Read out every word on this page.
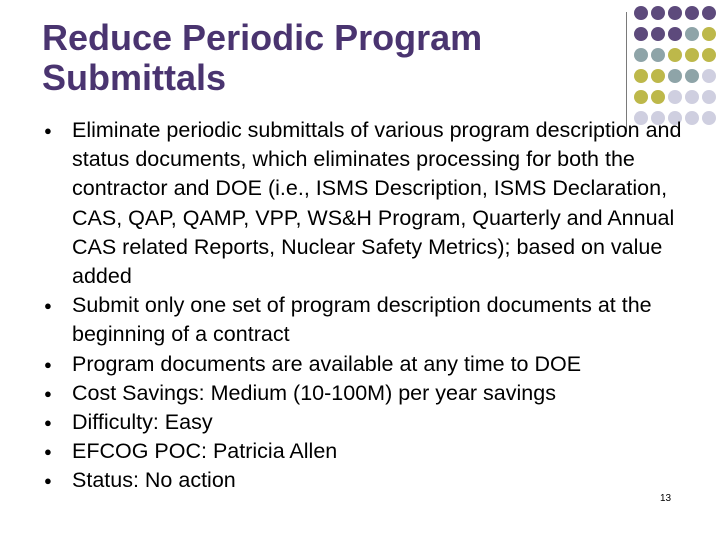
Reduce Periodic Program Submittals
● Eliminate periodic submittals of various program description and status documents, which eliminates processing for both the contractor and DOE (i.e., ISMS Description, ISMS Declaration, CAS, QAP, QAMP, VPP, WS&H Program, Quarterly and Annual CAS related Reports, Nuclear Safety Metrics); based on value added
● Submit only one set of program description documents at the beginning of a contract
● Program documents are available at any time to DOE
● Cost Savings: Medium (10-100M) per year savings
● Difficulty: Easy
● EFCOG POC: Patricia Allen
● Status: No action
13
